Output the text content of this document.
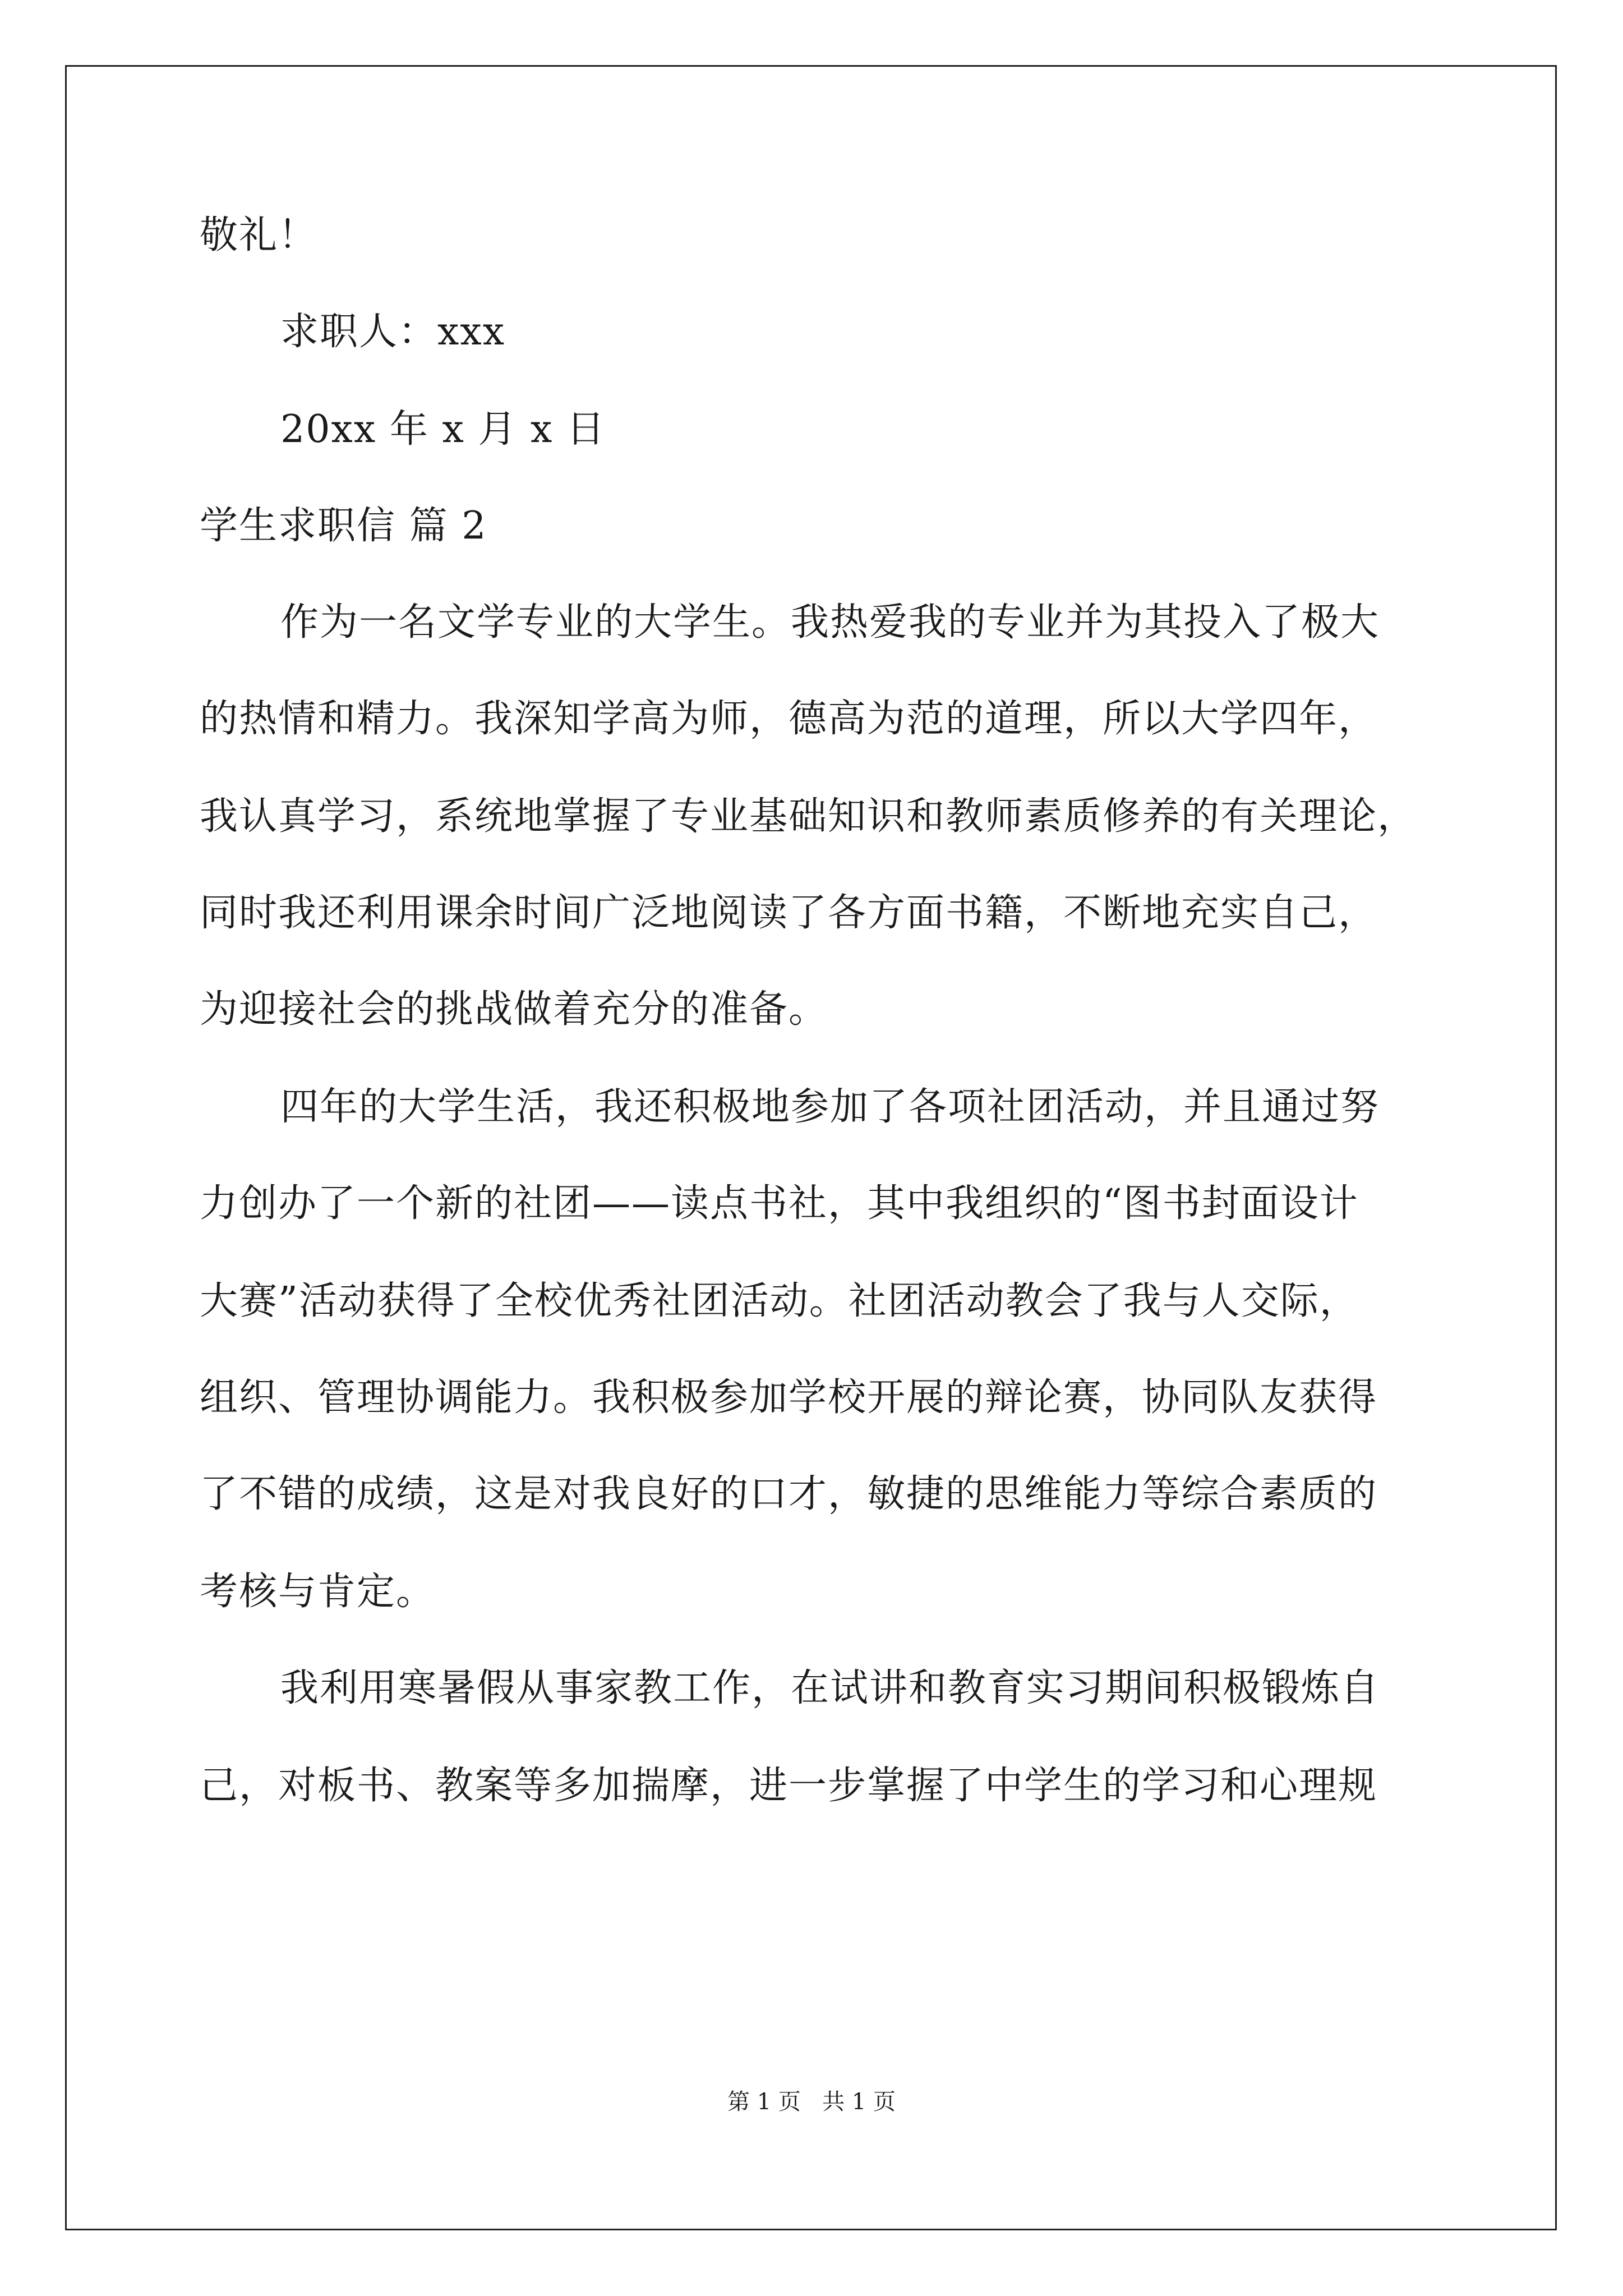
敬礼！
求职人：xxx
20xx 年 x 月 x 日
学生求职信 篇 2
作为一名文学专业的大学生。我热爱我的专业并为其投入了极大
的热情和精力。我深知学高为师，德高为范的道理，所以大学四年，
我认真学习，系统地掌握了专业基础知识和教师素质修养的有关理论，
同时我还利用课余时间广泛地阅读了各方面书籍，不断地充实自己，
为迎接社会的挑战做着充分的准备。
四年的大学生活，我还积极地参加了各项社团活动，并且通过努
力创办了一个新的社团——读点书社，其中我组织的“图书封面设计
大赛”活动获得了全校优秀社团活动。社团活动教会了我与人交际，
组织、管理协调能力。我积极参加学校开展的辩论赛，协同队友获得
了不错的成绩，这是对我良好的口才，敏捷的思维能力等综合素质的
考核与肯定。
我利用寒暑假从事家教工作，在试讲和教育实习期间积极锻炼自
己，对板书、教案等多加揣摩，进一步掌握了中学生的学习和心理规
第 1 页   共 1 页
